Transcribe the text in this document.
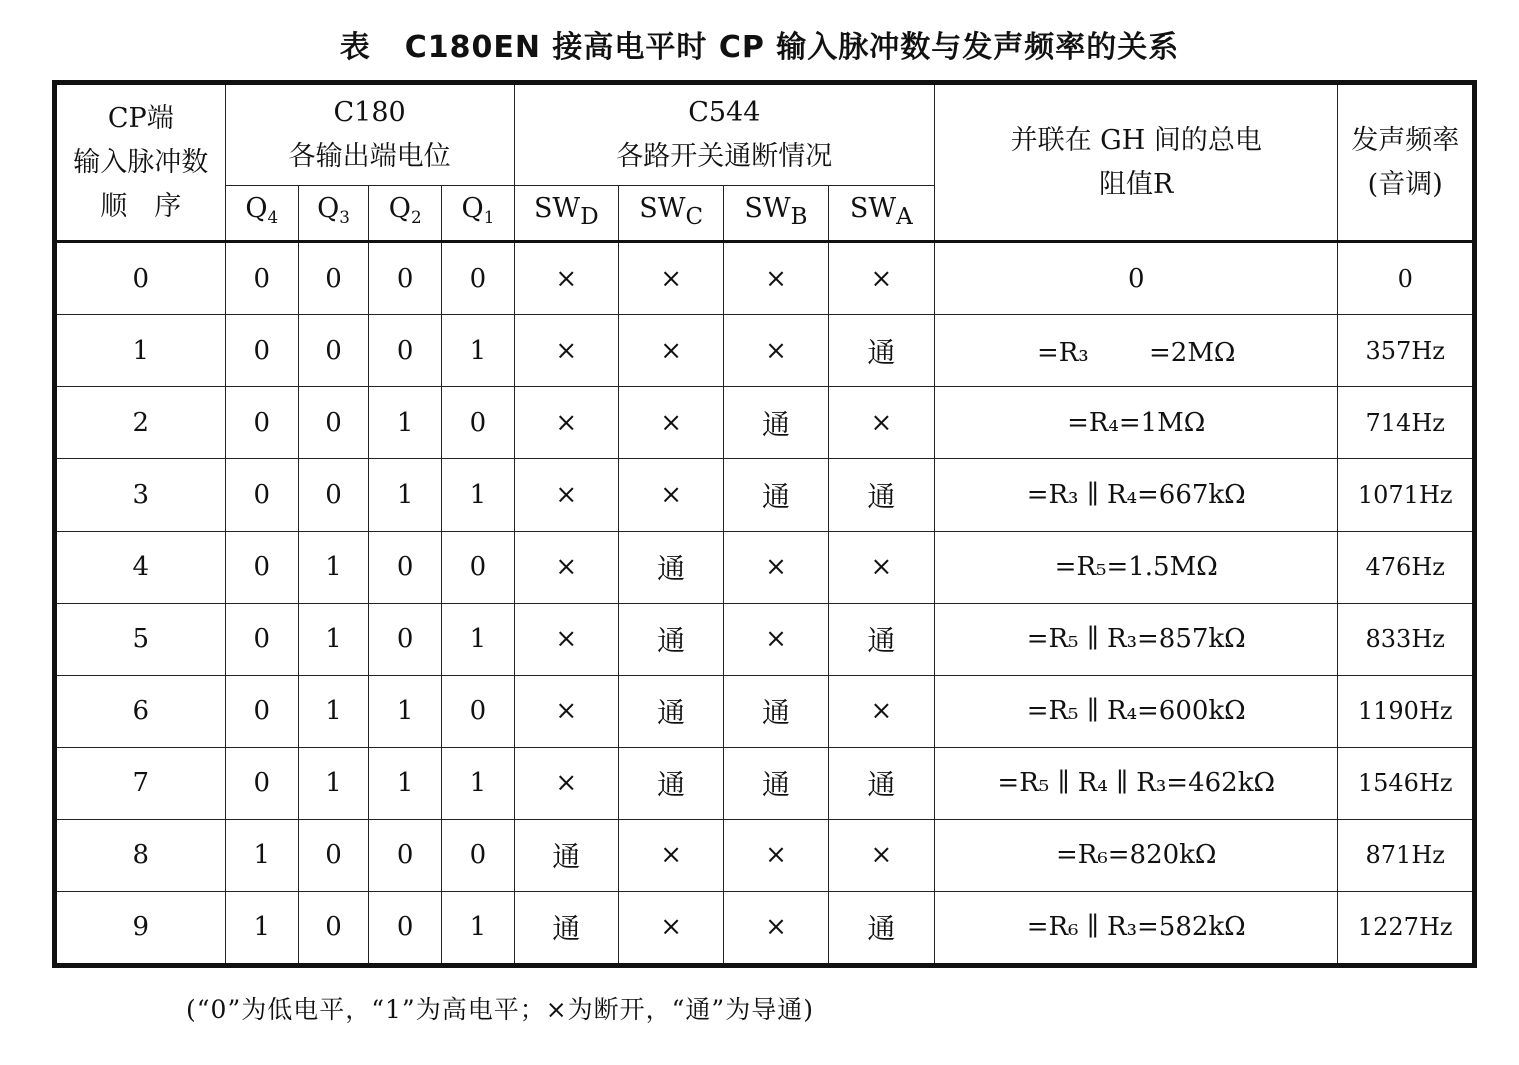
表 C180EN 接高电平时 CP 输入脉冲数与发声频率的关系
CP端
输入脉冲数
顺　序

C180
各输出端电位

C544
各路开关通断情况

并联在 GH 间的总电
阻值R

发声频率
(音调)

	$Q_4$	$Q_3$	$Q_2$	$Q_1$	$SW_D$	$SW_C$	$SW_B$	$SW_A$
0	0	0	0	0	×	×	×	×	0	0
1	0	0	0	1	×	×	×	通	=R₃　　 =2MΩ	357Hz
2	0	0	1	0	×	×	通	×	=R₄=1MΩ	714Hz
3	0	0	1	1	×	×	通	通	=R₃ ∥ R₄=667kΩ	1071Hz
4	0	1	0	0	×	通	×	×	=R₅=1.5MΩ	476Hz
5	0	1	0	1	×	通	×	通	=R₅ ∥ R₃=857kΩ	833Hz
6	0	1	1	0	×	通	通	×	=R₅ ∥ R₄=600kΩ	1190Hz
7	0	1	1	1	×	通	通	通	=R₅ ∥ R₄ ∥ R₃=462kΩ	1546Hz
8	1	0	0	0	通	×	×	×	=R₆=820kΩ	871Hz
9	1	0	0	1	通	×	×	通	=R₆ ∥ R₃=582kΩ	1227Hz
(“0”为低电平，“1”为高电平；×为断开，“通”为导通)
